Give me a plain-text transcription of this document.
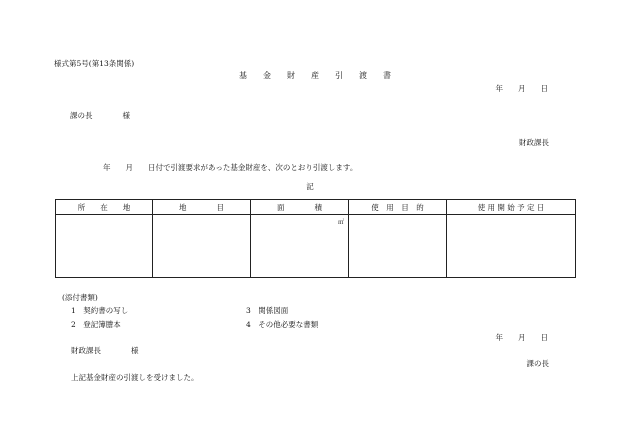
様式第5号(第13条関係)
基　　金　　財　　産　　引　　渡　　書
年　　月　　日
課の長　　　　様
財政課長
年　　月　　日付で引渡要求があった基金財産を、次のとおり引渡します。
記
所　　在　　地	地　　　　目	面　　　　積	使　用　目　的	使 用 開 始 予 定 日

		㎡		

(添付書類)
1　契約書の写し
2　登記簿謄本
3　関係図面
4　その他必要な書類
年　　月　　日
財政課長　　　　様
課の長
上記基金財産の引渡しを受けました。
